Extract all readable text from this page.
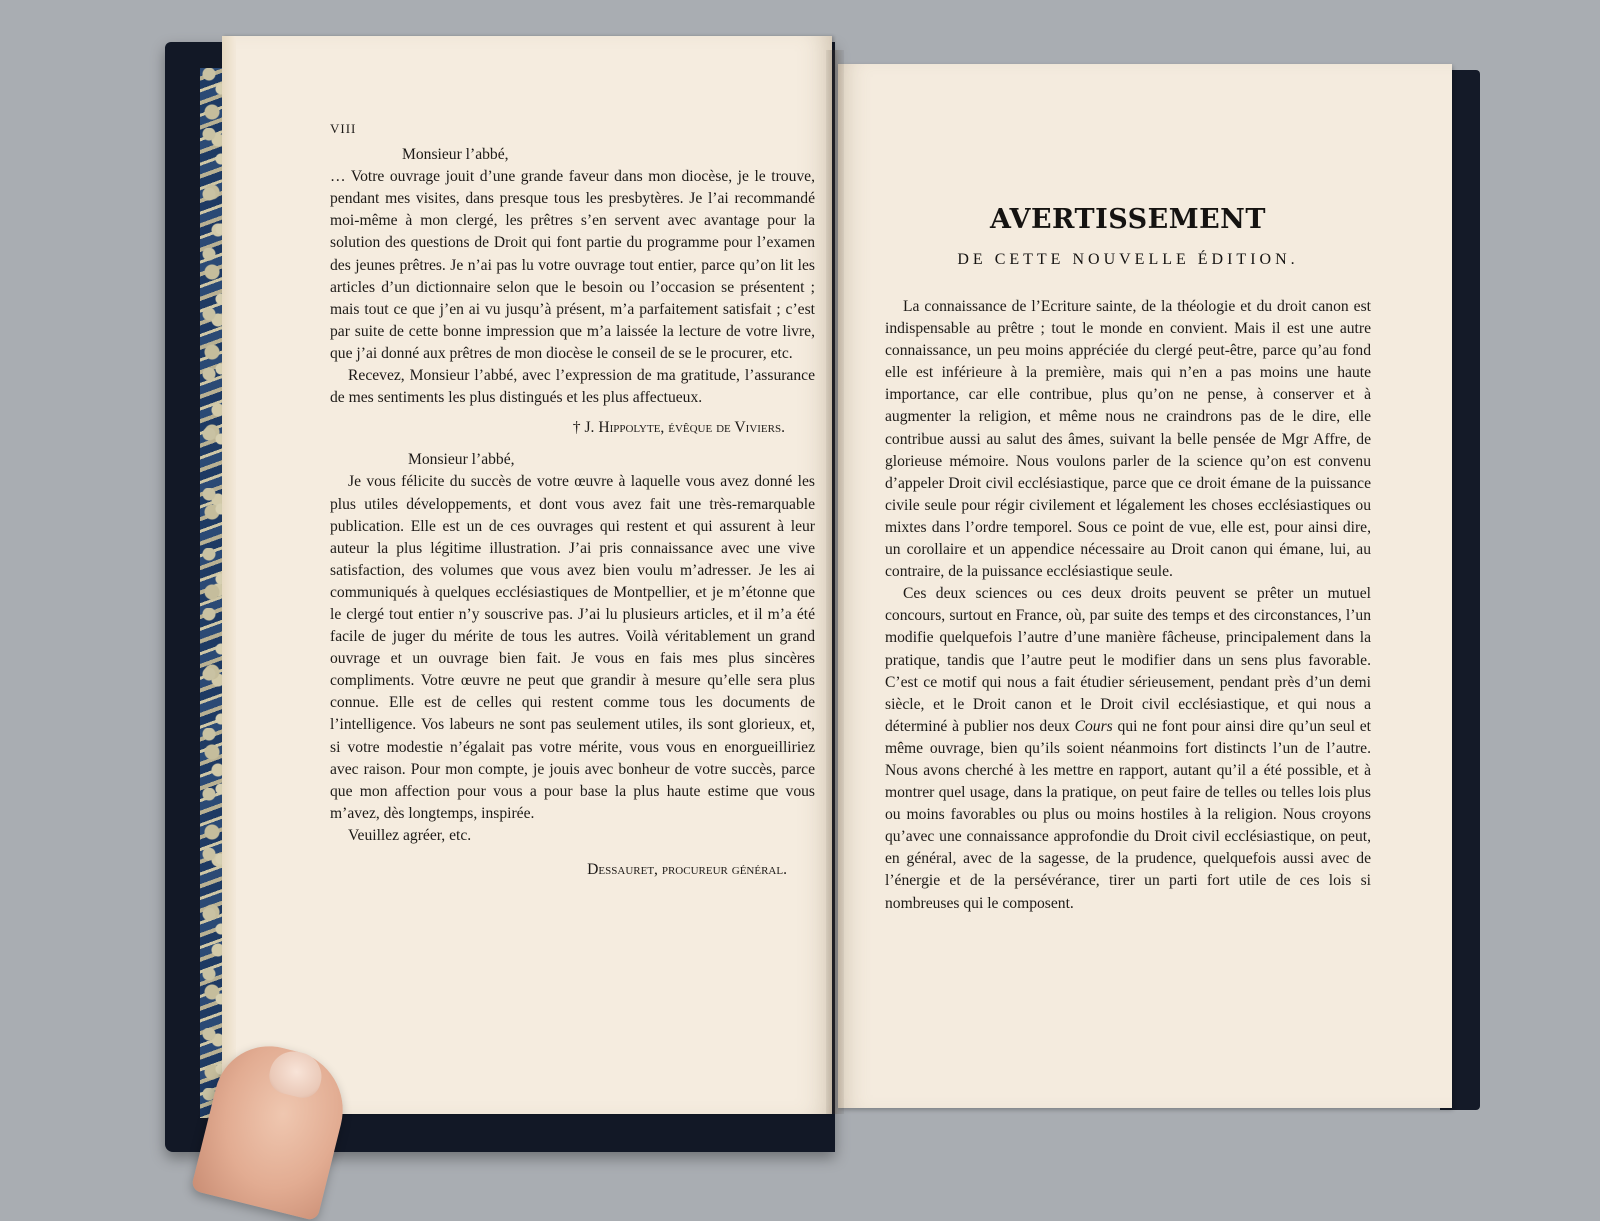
VIII

Monsieur l’abbé,

… Votre ouvrage jouit d’une grande faveur dans mon diocèse, je le trouve, pendant mes visites, dans presque tous les presbytères. Je l’ai recommandé moi-même à mon clergé, les prêtres s’en servent avec avantage pour la solution des questions de Droit qui font partie du programme pour l’examen des jeunes prêtres. Je n’ai pas lu votre ouvrage tout entier, parce qu’on lit les articles d’un dictionnaire selon que le besoin ou l’occasion se présentent ; mais tout ce que j’en ai vu jusqu’à présent, m’a parfaitement satisfait ; c’est par suite de cette bonne impression que m’a laissée la lecture de votre livre, que j’ai donné aux prêtres de mon diocèse le conseil de se le procurer, etc.

Recevez, Monsieur l’abbé, avec l’expression de ma gratitude, l’assurance de mes sentiments les plus distingués et les plus affectueux.

† J. Hippolyte, évêque de Viviers.

Monsieur l’abbé,

Je vous félicite du succès de votre œuvre à laquelle vous avez donné les plus utiles développements, et dont vous avez fait une très-remarquable publication. Elle est un de ces ouvrages qui restent et qui assurent à leur auteur la plus légitime illustration. J’ai pris connaissance avec une vive satisfaction, des volumes que vous avez bien voulu m’adresser. Je les ai communiqués à quelques ecclésiastiques de Montpellier, et je m’étonne que le clergé tout entier n’y souscrive pas. J’ai lu plusieurs articles, et il m’a été facile de juger du mérite de tous les autres. Voilà véritablement un grand ouvrage et un ouvrage bien fait. Je vous en fais mes plus sincères compliments. Votre œuvre ne peut que grandir à mesure qu’elle sera plus connue. Elle est de celles qui restent comme tous les documents de l’intelligence. Vos labeurs ne sont pas seulement utiles, ils sont glorieux, et, si votre modestie n’égalait pas votre mérite, vous vous en enorgueilliriez avec raison. Pour mon compte, je jouis avec bonheur de votre succès, parce que mon affection pour vous a pour base la plus haute estime que vous m’avez, dès longtemps, inspirée.

Veuillez agréer, etc.

Dessauret, procureur général.

AVERTISSEMENT
DE CETTE NOUVELLE ÉDITION.

La connaissance de l’Ecriture sainte, de la théologie et du droit canon est indispensable au prêtre ; tout le monde en convient. Mais il est une autre connaissance, un peu moins appréciée du clergé peut-être, parce qu’au fond elle est inférieure à la première, mais qui n’en a pas moins une haute importance, car elle contribue, plus qu’on ne pense, à conserver et à augmenter la religion, et même nous ne craindrons pas de le dire, elle contribue aussi au salut des âmes, suivant la belle pensée de Mgr Affre, de glorieuse mémoire. Nous voulons parler de la science qu’on est convenu d’appeler Droit civil ecclésiastique, parce que ce droit émane de la puissance civile seule pour régir civilement et légalement les choses ecclésiastiques ou mixtes dans l’ordre temporel. Sous ce point de vue, elle est, pour ainsi dire, un corollaire et un appendice nécessaire au Droit canon qui émane, lui, au contraire, de la puissance ecclésiastique seule.

Ces deux sciences ou ces deux droits peuvent se prêter un mutuel concours, surtout en France, où, par suite des temps et des circonstances, l’un modifie quelquefois l’autre d’une manière fâcheuse, principalement dans la pratique, tandis que l’autre peut le modifier dans un sens plus favorable. C’est ce motif qui nous a fait étudier sérieusement, pendant près d’un demi siècle, et le Droit canon et le Droit civil ecclésiastique, et qui nous a déterminé à publier nos deux Cours qui ne font pour ainsi dire qu’un seul et même ouvrage, bien qu’ils soient néanmoins fort distincts l’un de l’autre. Nous avons cherché à les mettre en rapport, autant qu’il a été possible, et à montrer quel usage, dans la pratique, on peut faire de telles ou telles lois plus ou moins favorables ou plus ou moins hostiles à la religion. Nous croyons qu’avec une connaissance approfondie du Droit civil ecclésiastique, on peut, en général, avec de la sagesse, de la prudence, quelquefois aussi avec de l’énergie et de la persévérance, tirer un parti fort utile de ces lois si nombreuses qui le composent.
